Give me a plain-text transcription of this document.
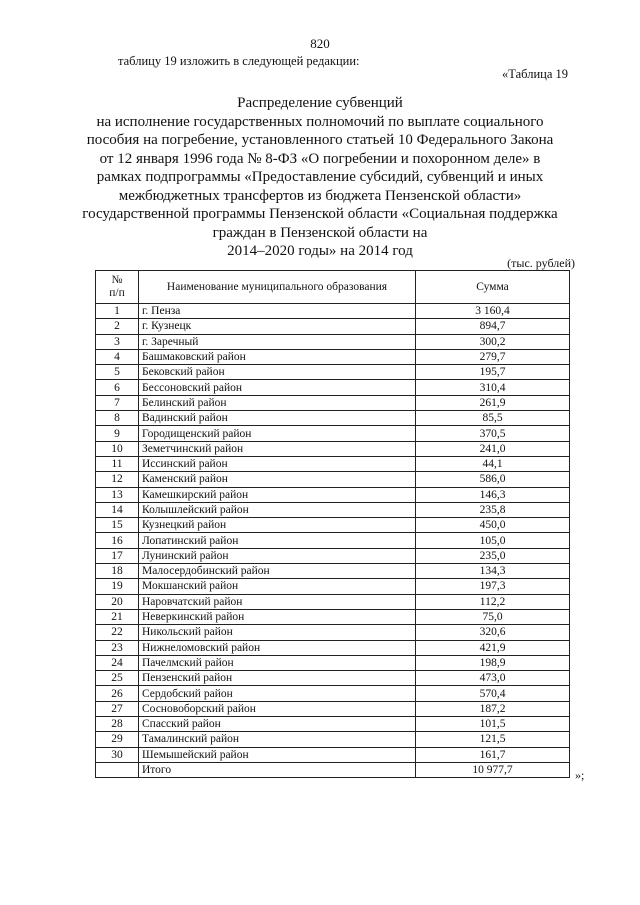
820
таблицу 19 изложить в следующей редакции:
«Таблица 19
Распределение субвенций
на исполнение государственных полномочий по выплате социального
пособия на погребение, установленного статьей 10 Федерального Закона
от 12 января 1996 года № 8-ФЗ «О погребении и похоронном деле» в
рамках подпрограммы «Предоставление субсидий, субвенций и иных
межбюджетных трансфертов из бюджета Пензенской области»
государственной программы Пензенской области «Социальная поддержка
граждан в Пензенской области на
2014–2020 годы» на 2014 год
(тыс. рублей)
№
п/п	Наименование муниципального образования	Сумма
1	г. Пенза	3 160,4
2	г. Кузнецк	894,7
3	г. Заречный	300,2
4	Башмаковский район	279,7
5	Бековский район	195,7
6	Бессоновский район	310,4
7	Белинский район	261,9
8	Вадинский район	85,5
9	Городищенский район	370,5
10	Земетчинский район	241,0
11	Иссинский район	44,1
12	Каменский район	586,0
13	Камешкирский район	146,3
14	Колышлейский район	235,8
15	Кузнецкий район	450,0
16	Лопатинский район	105,0
17	Лунинский район	235,0
18	Малосердобинский район	134,3
19	Мокшанский район	197,3
20	Наровчатский район	112,2
21	Неверкинский район	75,0
22	Никольский район	320,6
23	Нижнеломовский район	421,9
24	Пачелмский район	198,9
25	Пензенский район	473,0
26	Сердобский район	570,4
27	Сосновоборский район	187,2
28	Спасский район	101,5
29	Тамалинский район	121,5
30	Шемышейский район	161,7
	Итого	10 977,7	»;
